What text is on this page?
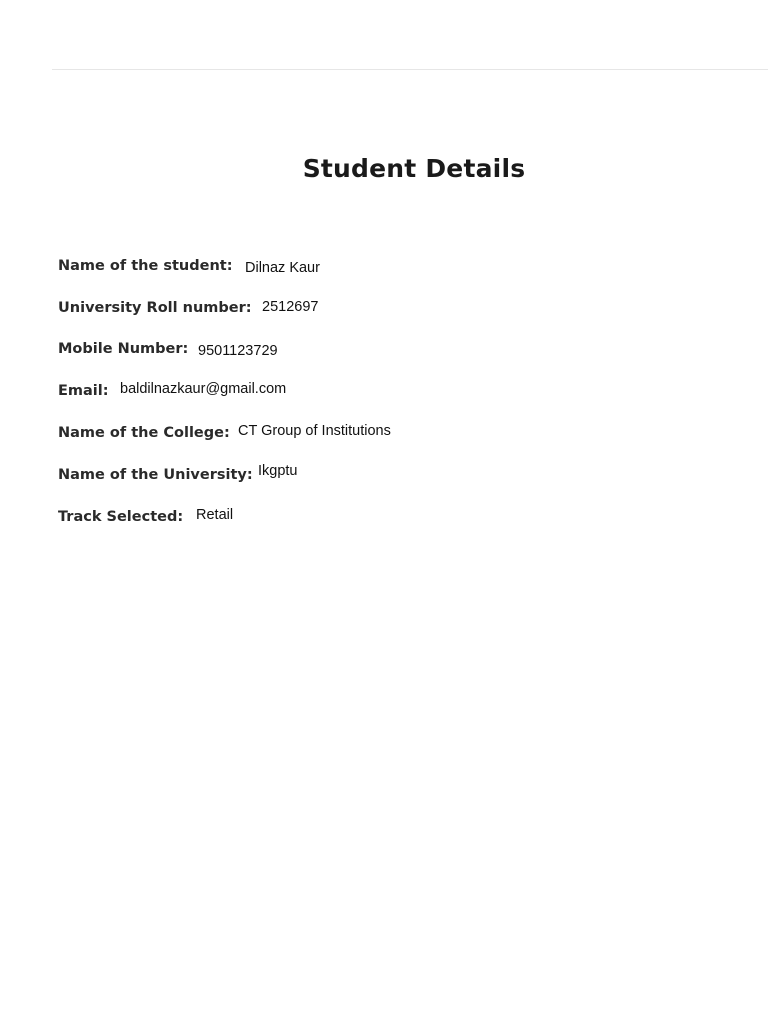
Student Details
Name of the student: Dilnaz Kaur
University Roll number: 2512697
Mobile Number: 9501123729
Email: baldilnazkaur@gmail.com
Name of the College: CT Group of Institutions
Name of the University: Ikgptu
Track Selected: Retail
